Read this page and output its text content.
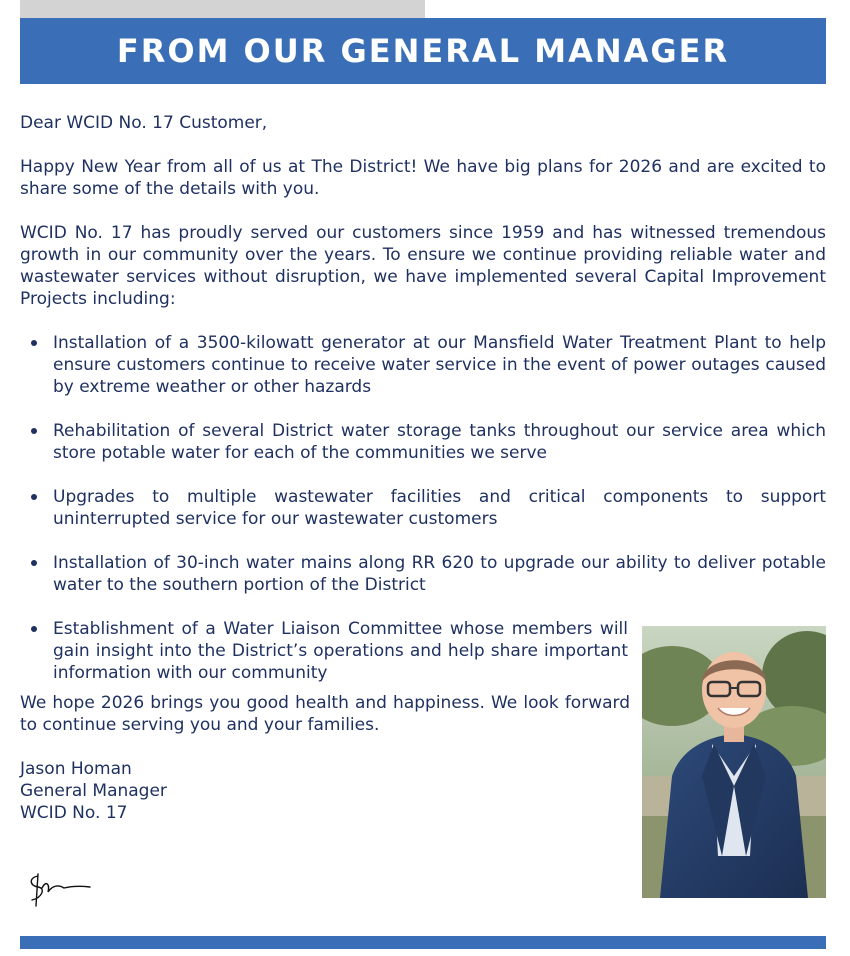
FROM OUR GENERAL MANAGER

Dear WCID No. 17 Customer,

Happy New Year from all of us at The District! We have big plans for 2026 and are excited to share some of the details with you.

WCID No. 17 has proudly served our customers since 1959 and has witnessed tremendous growth in our community over the years. To ensure we continue providing reliable water and wastewater services without disruption, we have implemented several Capital Improvement Projects including:

Installation of a 3500-kilowatt generator at our Mansfield Water Treatment Plant to help ensure customers continue to receive water service in the event of power outages caused by extreme weather or other hazards
Rehabilitation of several District water storage tanks throughout our service area which store potable water for each of the communities we serve
Upgrades to multiple wastewater facilities and critical components to support uninterrupted service for our wastewater customers
Installation of 30-inch water mains along RR 620 to upgrade our ability to deliver potable water to the southern portion of the District
Establishment of a Water Liaison Committee whose members will gain insight into the District’s operations and help share important information with our community

We hope 2026 brings you good health and happiness. We look forward to continue serving you and your families.

Jason Homan

General Manager

WCID No. 17
